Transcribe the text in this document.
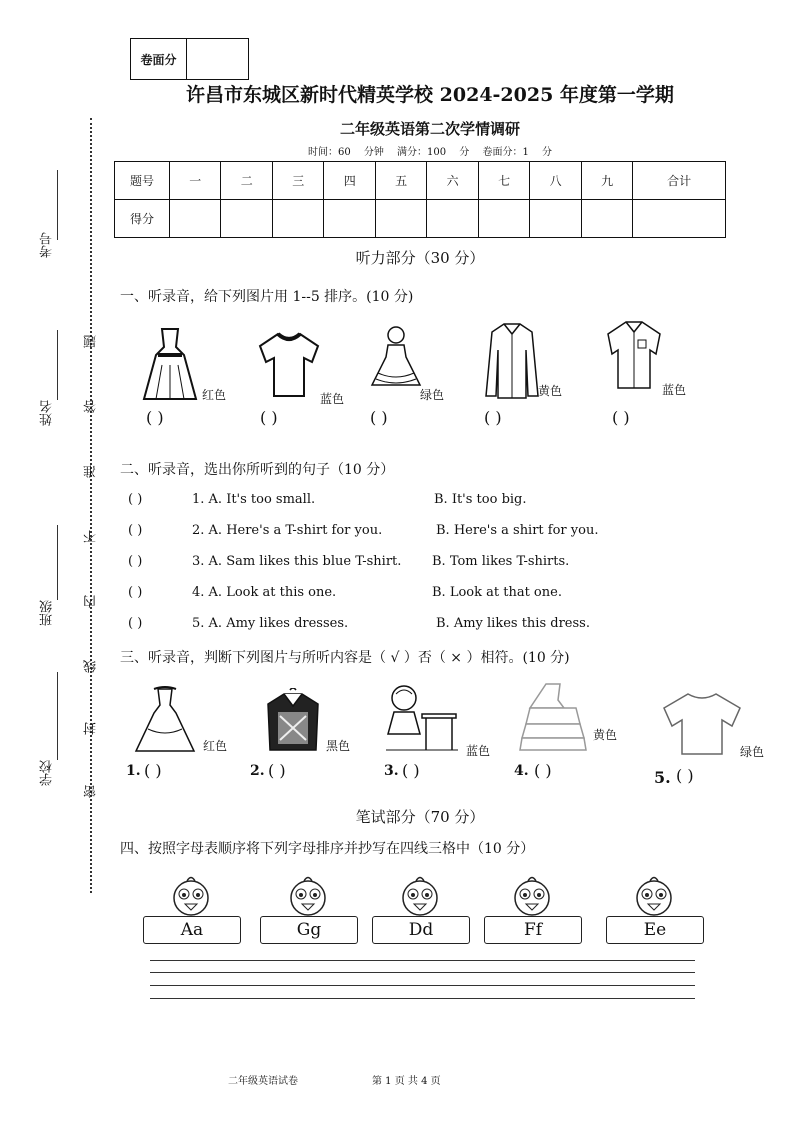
卷面分
许昌市东城区新时代精英学校 2024-2025 年度第一学期
二年级英语第二次学情调研
时间：60 分钟 满分：100 分 卷面分：1 分
题号	一	二	三	四	五	六	七	八	九	合计
得分										
考号
姓名
班级
学校
题
答
准
不
内
线
封
密
听力部分（30 分）
一、听录音，给下列图片用 1--5 排序。(10 分)
红色
( )
蓝色
( )
绿色
( )
黄色
( )
蓝色
( )
二、听录音，选出你所听到的句子（10 分）
( )	1. A. It's too small.	B. It's too big.
( )	2. A. Here's a T-shirt for you.	B. Here's a shirt for you.
( )	3. A. Sam likes this blue T-shirt. B. Tom likes T-shirts.
( )	4. A. Look at this one.	B. Look at that one.
( )	5. A. Amy likes dresses.	B. Amy likes this dress.
三、听录音，判断下列图片与所听内容是（ √ ）否（ × ）相符。(10 分)
红色
1. ( )
黑色
2. ( )
蓝色
3. ( )
黄色
4. ( )
绿色
5. ( )
笔试部分（70 分）
四、按照字母表顺序将下列字母排序并抄写在四线三格中（10 分）
Aa	Gg	Dd	Ff	Ee
二年级英语试卷	第 1 页 共 4 页
